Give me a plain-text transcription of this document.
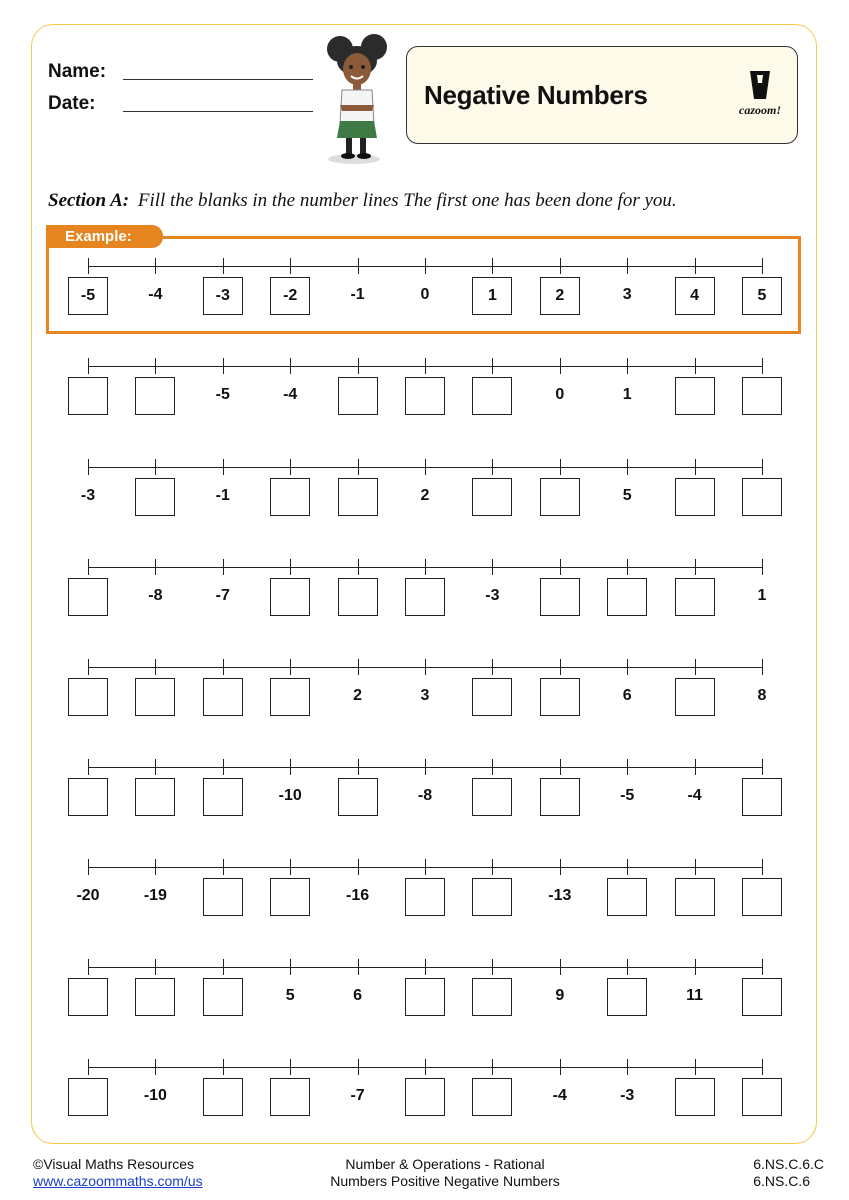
Name:
Date:	Negative Numbers	cazoom!
Section A: Fill the blanks in the number lines The first one has been done for you.
Example:
-5	-4	-3	-2	-1	0	1	2	3	4	5
-5	-4	0	1
-3	-1	2	5
-8	-7	-3	1
2	3	6	8
-10	-8	-5	-4
-20	-19	-16	-13
5	6	9	11
-10	-7	-4	-3
©Visual Maths Resources
www.cazoommaths.com/us
Number & Operations - Rational
Numbers Positive Negative Numbers
6.NS.C.6.C
6.NS.C.6
